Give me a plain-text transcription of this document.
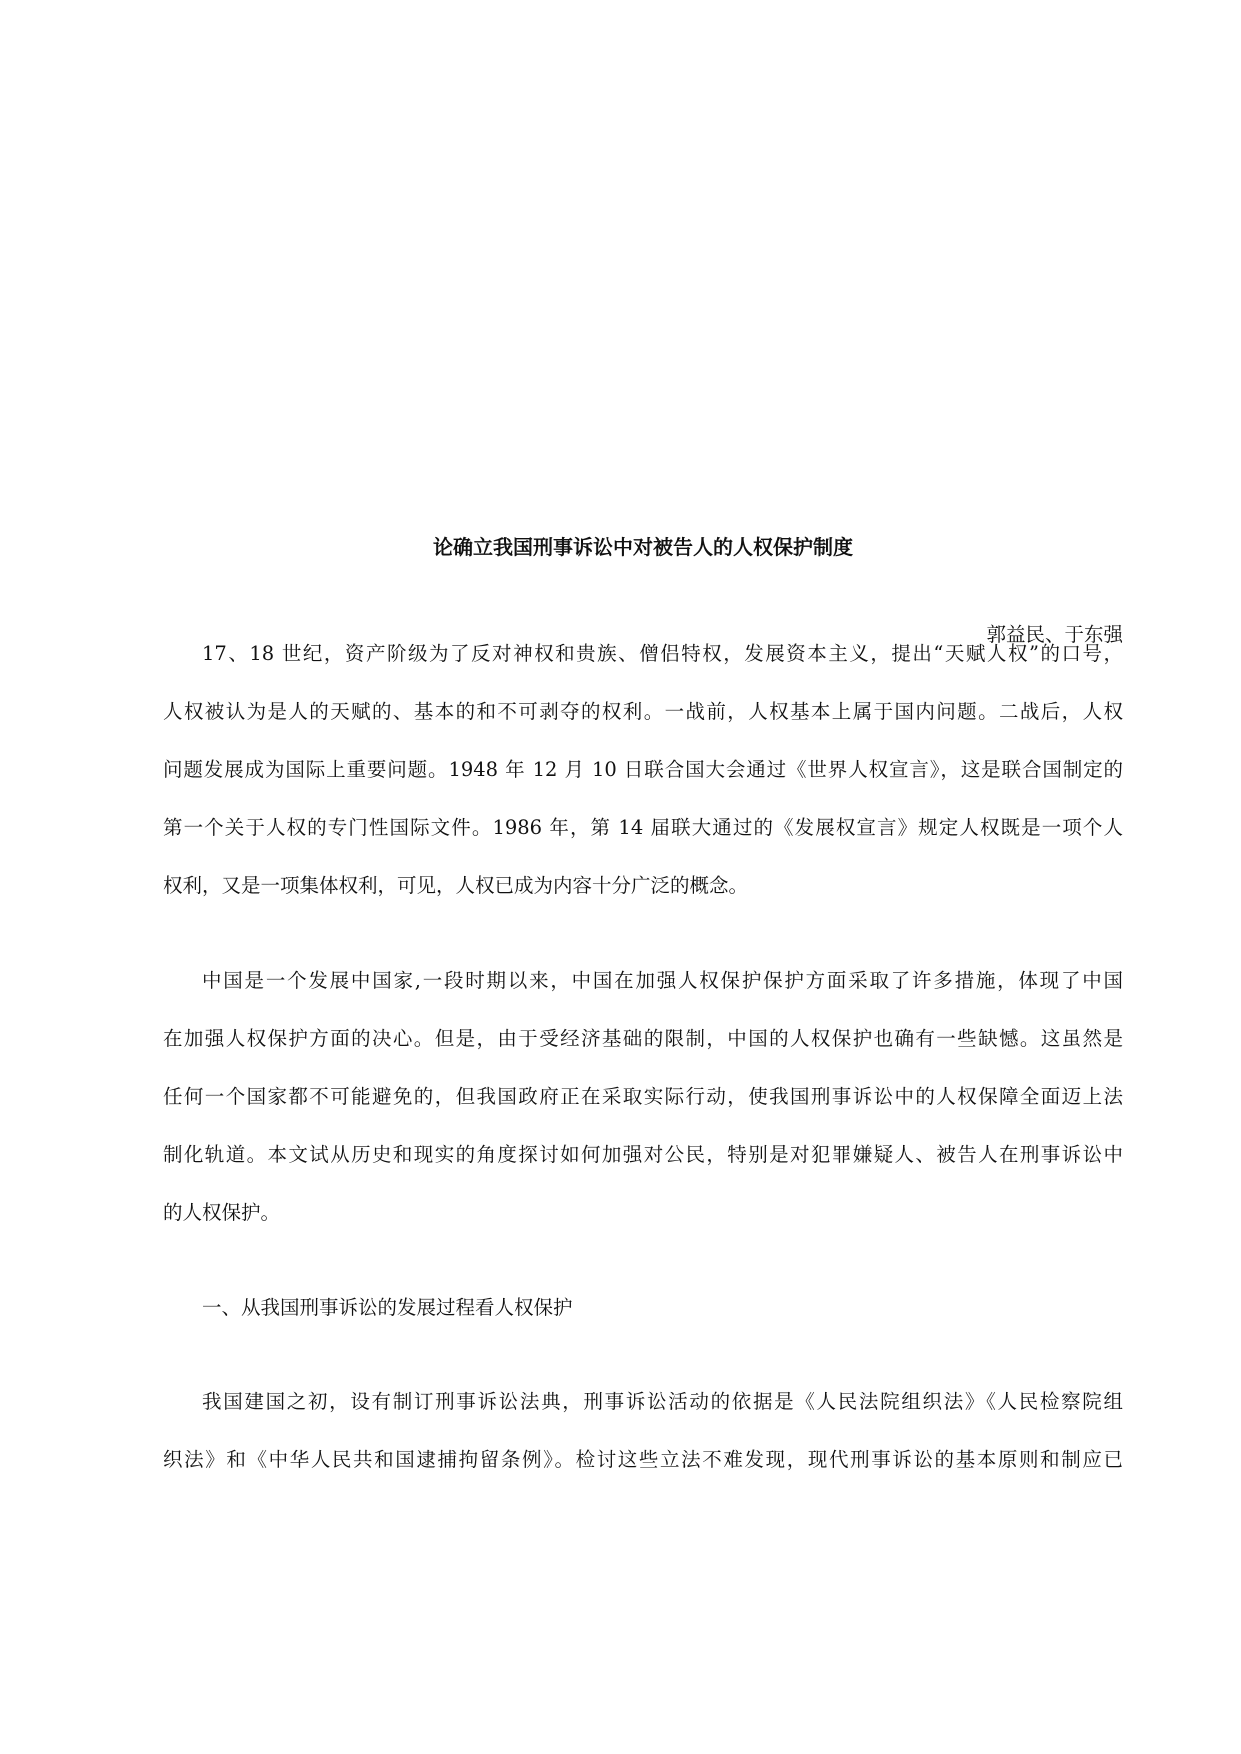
论确立我国刑事诉讼中对被告人的人权保护制度
郭益民、于东强
17、18 世纪，资产阶级为了反对神权和贵族、僧侣特权，发展资本主义，提出“天赋人权”的口号，
人权被认为是人的天赋的、基本的和不可剥夺的权利。一战前，人权基本上属于国内问题。二战后，人权
问题发展成为国际上重要问题。1948 年 12 月 10 日联合国大会通过《世界人权宣言》，这是联合国制定的
第一个关于人权的专门性国际文件。1986 年，第 14 届联大通过的《发展权宣言》规定人权既是一项个人
权利，又是一项集体权利，可见，人权已成为内容十分广泛的概念。
中国是一个发展中国家,一段时期以来，中国在加强人权保护保护方面采取了许多措施，体现了中国
在加强人权保护方面的决心。但是，由于受经济基础的限制，中国的人权保护也确有一些缺憾。这虽然是
任何一个国家都不可能避免的，但我国政府正在采取实际行动，使我国刑事诉讼中的人权保障全面迈上法
制化轨道。本文试从历史和现实的角度探讨如何加强对公民，特别是对犯罪嫌疑人、被告人在刑事诉讼中
的人权保护。
一、从我国刑事诉讼的发展过程看人权保护
我国建国之初，设有制订刑事诉讼法典，刑事诉讼活动的依据是《人民法院组织法》《人民检察院组
织法》和《中华人民共和国逮捕拘留条例》。检讨这些立法不难发现，现代刑事诉讼的基本原则和制应已
